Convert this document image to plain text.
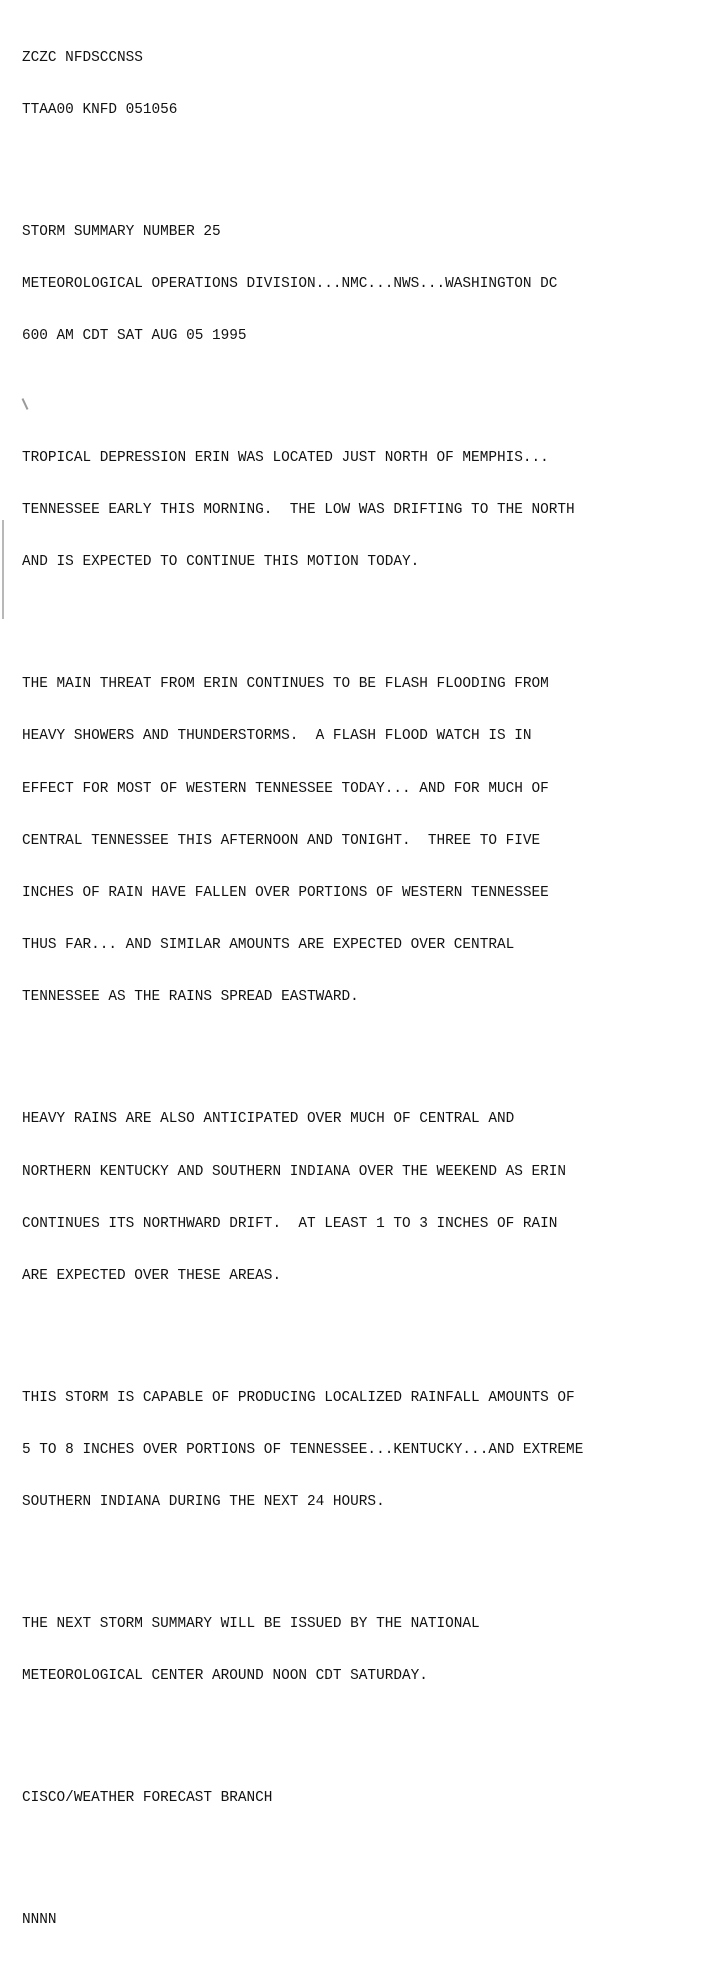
ZCZC NFDSCCNSS

TTAA00 KNFD 051056

STORM SUMMARY NUMBER 25

METEOROLOGICAL OPERATIONS DIVISION...NMC...NWS...WASHINGTON DC

600 AM CDT SAT AUG 05 1995

TROPICAL DEPRESSION ERIN WAS LOCATED JUST NORTH OF MEMPHIS...

TENNESSEE EARLY THIS MORNING.  THE LOW WAS DRIFTING TO THE NORTH

AND IS EXPECTED TO CONTINUE THIS MOTION TODAY.

THE MAIN THREAT FROM ERIN CONTINUES TO BE FLASH FLOODING FROM

HEAVY SHOWERS AND THUNDERSTORMS.  A FLASH FLOOD WATCH IS IN

EFFECT FOR MOST OF WESTERN TENNESSEE TODAY... AND FOR MUCH OF

CENTRAL TENNESSEE THIS AFTERNOON AND TONIGHT.  THREE TO FIVE

INCHES OF RAIN HAVE FALLEN OVER PORTIONS OF WESTERN TENNESSEE

THUS FAR... AND SIMILAR AMOUNTS ARE EXPECTED OVER CENTRAL

TENNESSEE AS THE RAINS SPREAD EASTWARD.

HEAVY RAINS ARE ALSO ANTICIPATED OVER MUCH OF CENTRAL AND

NORTHERN KENTUCKY AND SOUTHERN INDIANA OVER THE WEEKEND AS ERIN

CONTINUES ITS NORTHWARD DRIFT.  AT LEAST 1 TO 3 INCHES OF RAIN

ARE EXPECTED OVER THESE AREAS.

THIS STORM IS CAPABLE OF PRODUCING LOCALIZED RAINFALL AMOUNTS OF

5 TO 8 INCHES OVER PORTIONS OF TENNESSEE...KENTUCKY...AND EXTREME

SOUTHERN INDIANA DURING THE NEXT 24 HOURS.

THE NEXT STORM SUMMARY WILL BE ISSUED BY THE NATIONAL

METEOROLOGICAL CENTER AROUND NOON CDT SATURDAY.

CISCO/WEATHER FORECAST BRANCH

NNNN
